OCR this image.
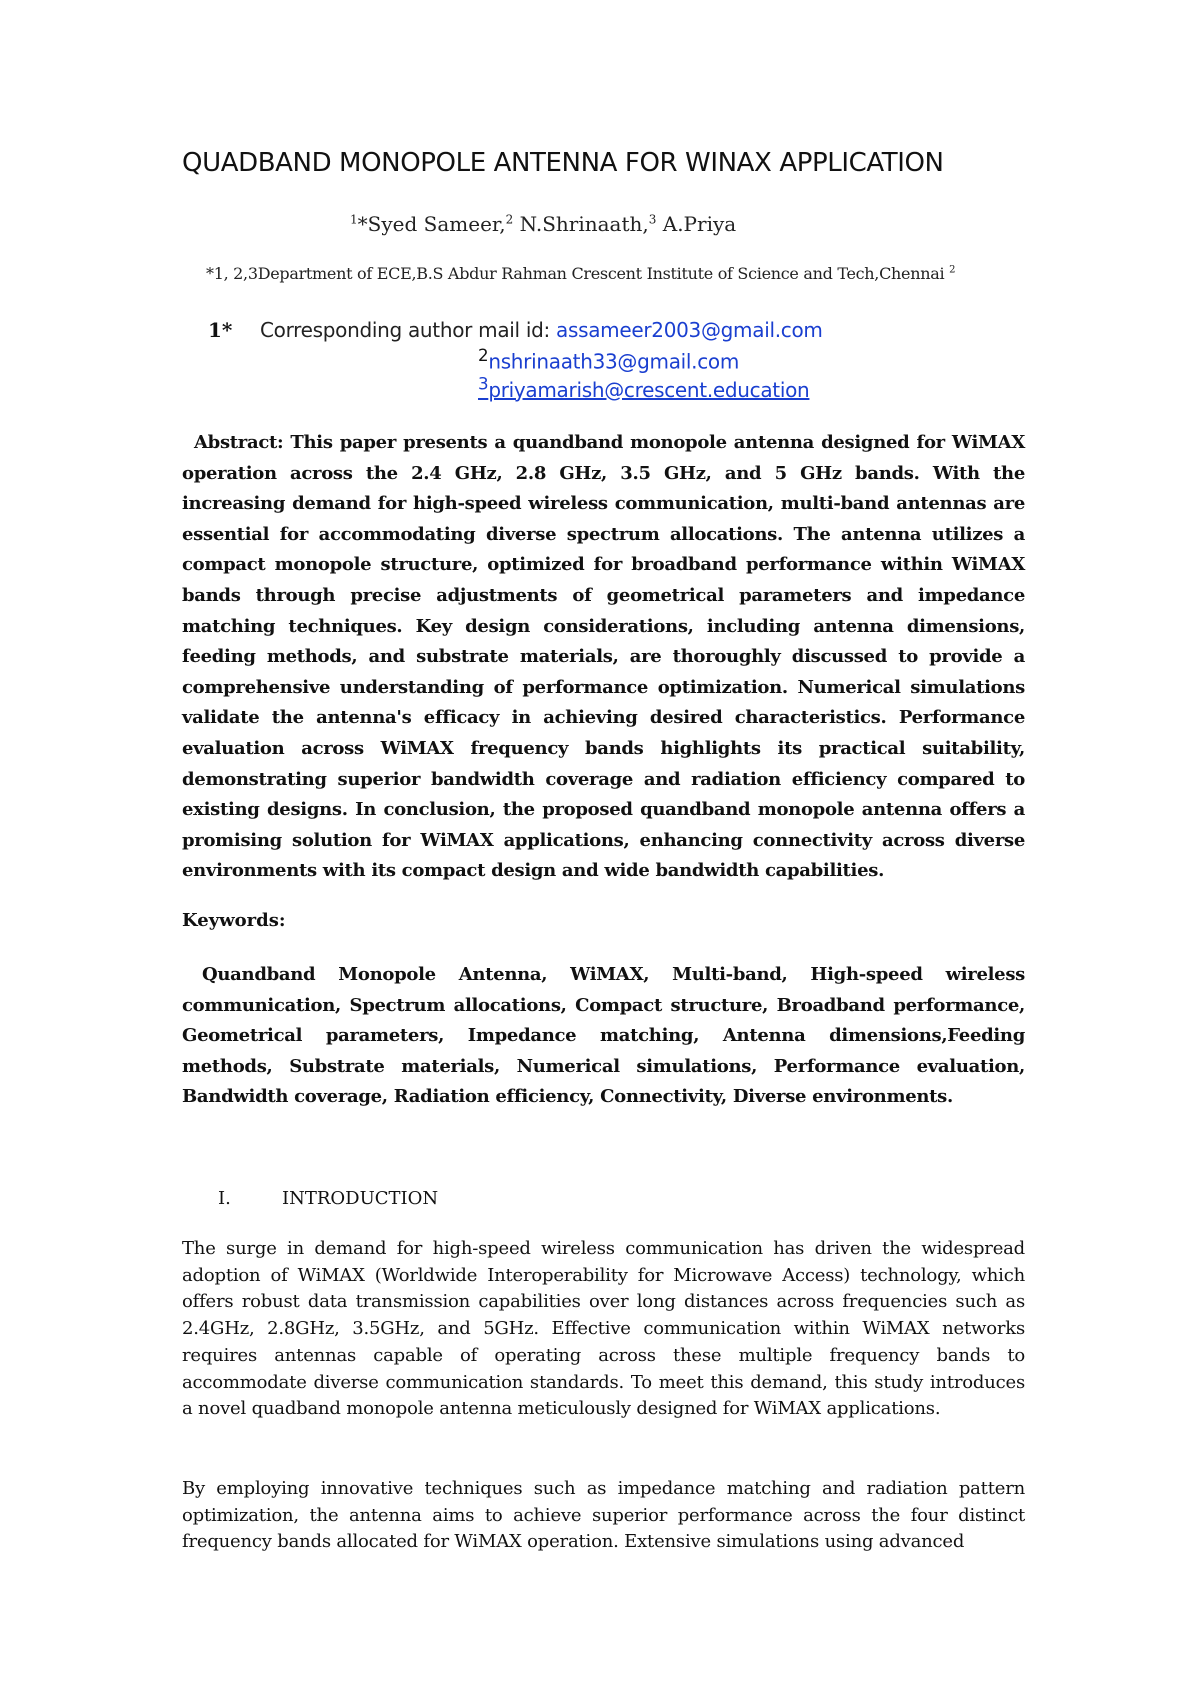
QUADBAND MONOPOLE ANTENNA FOR WINAX APPLICATION
$^1$*Syed Sameer,$^2$ N.Shrinaath,$^3$ A.Priya
*1, 2,3Department of ECE,B.S Abdur Rahman Crescent Institute of Science and Tech,Chennai $^2$
1* Corresponding author mail id: assameer2003@gmail.com
$^2$nshrinaath33@gmail.com
$^3$priyamarish@crescent.education

Abstract: This paper presents a quandband monopole antenna designed for WiMAX operation across the 2.4 GHz, 2.8 GHz, 3.5 GHz, and 5 GHz bands. With the increasing demand for high-speed wireless communication, multi-band antennas are essential for accommodating diverse spectrum allocations. The antenna utilizes a compact monopole structure, optimized for broadband performance within WiMAX bands through precise adjustments of geometrical parameters and impedance matching techniques. Key design considerations, including antenna dimensions, feeding methods, and substrate materials, are thoroughly discussed to provide a comprehensive understanding of performance optimization. Numerical simulations validate the antenna's efficacy in achieving desired characteristics. Performance evaluation across WiMAX frequency bands highlights its practical suitability, demonstrating superior bandwidth coverage and radiation efficiency compared to existing designs. In conclusion, the proposed quandband monopole antenna offers a promising solution for WiMAX applications, enhancing connectivity across diverse environments with its compact design and wide bandwidth capabilities.

Keywords:

Quandband Monopole Antenna, WiMAX, Multi-band, High-speed wireless communication, Spectrum allocations, Compact structure, Broadband performance, Geometrical parameters, Impedance matching, Antenna dimensions,Feeding methods, Substrate materials, Numerical simulations, Performance evaluation, Bandwidth coverage, Radiation efficiency, Connectivity, Diverse environments.

I.	INTRODUCTION

The surge in demand for high-speed wireless communication has driven the widespread adoption of WiMAX (Worldwide Interoperability for Microwave Access) technology, which offers robust data transmission capabilities over long distances across frequencies such as 2.4GHz, 2.8GHz, 3.5GHz, and 5GHz. Effective communication within WiMAX networks requires antennas capable of operating across these multiple frequency bands to accommodate diverse communication standards. To meet this demand, this study introduces a novel quadband monopole antenna meticulously designed for WiMAX applications.

By employing innovative techniques such as impedance matching and radiation pattern optimization, the antenna aims to achieve superior performance across the four distinct frequency bands allocated for WiMAX operation. Extensive simulations using advanced
